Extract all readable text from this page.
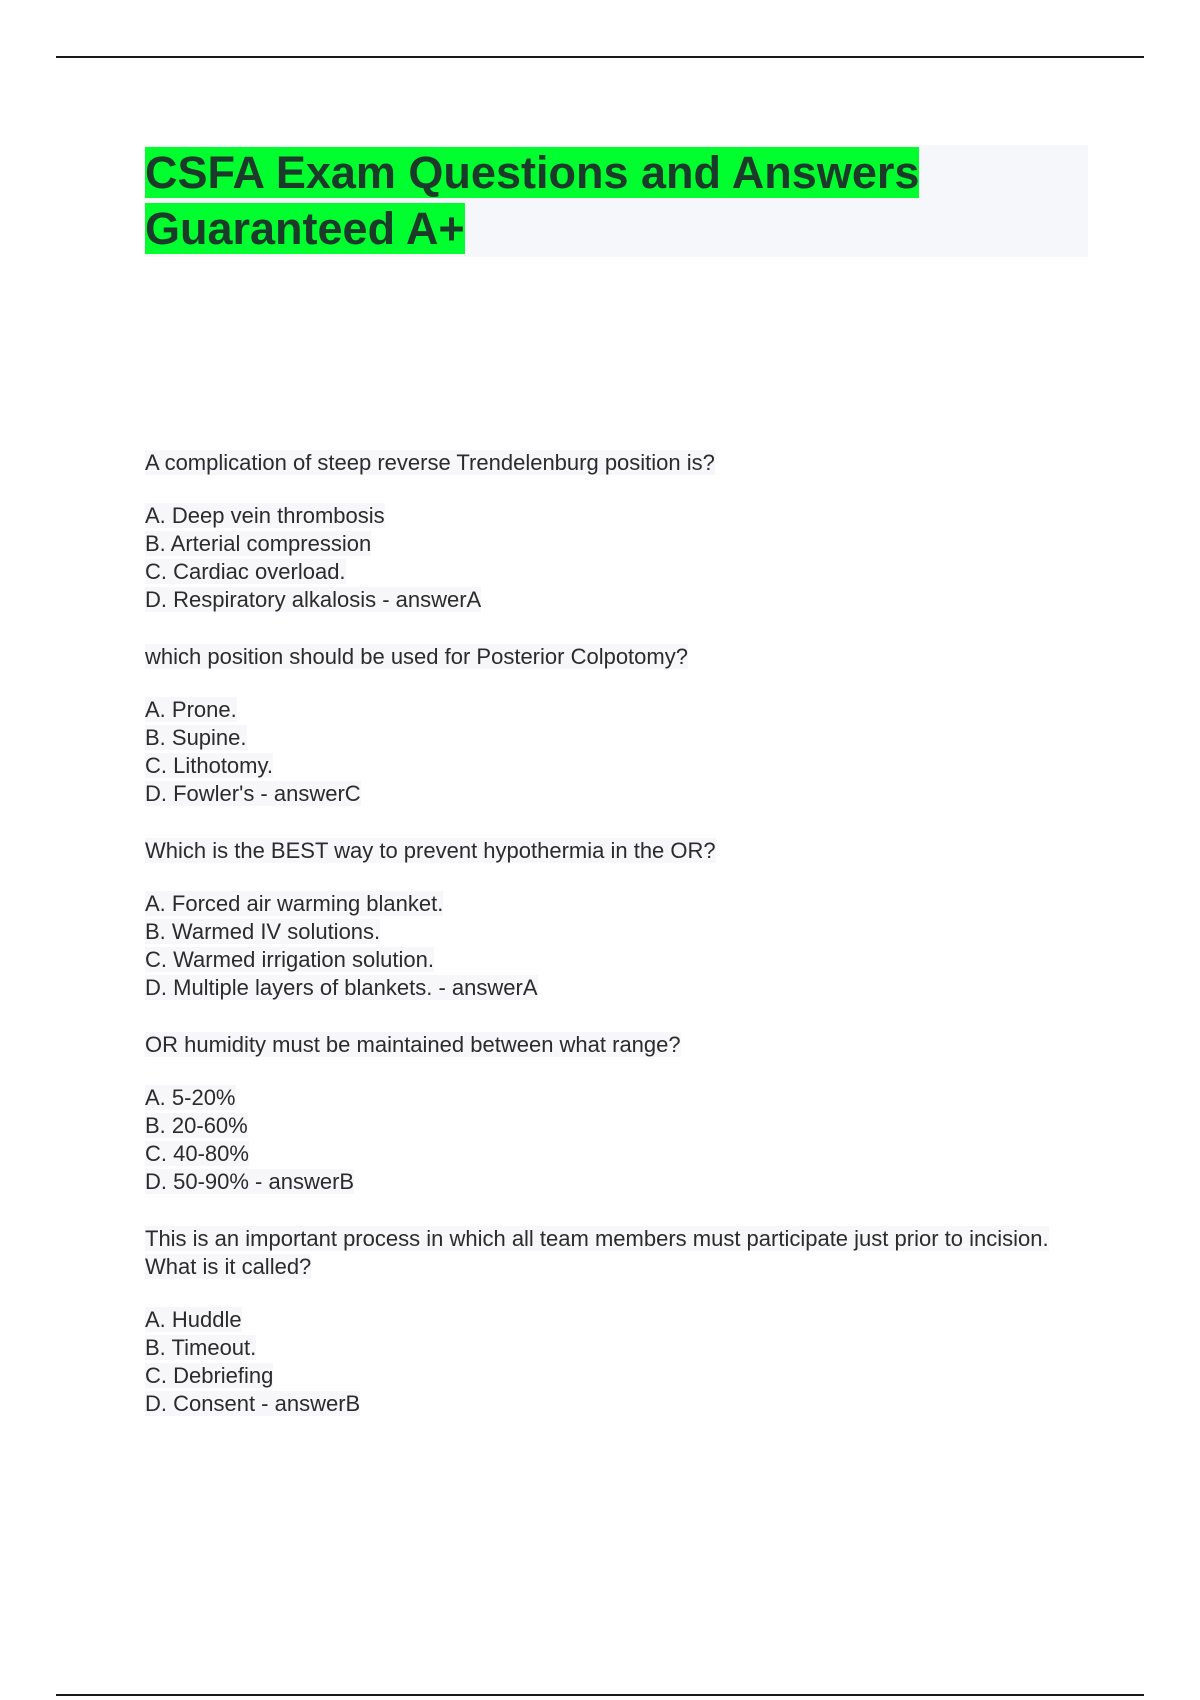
CSFA Exam Questions and Answers
Guaranteed A+

A complication of steep reverse Trendelenburg position is?

A. Deep vein thrombosis
B. Arterial compression
C. Cardiac overload.
D. Respiratory alkalosis - answerA

which position should be used for Posterior Colpotomy?

A. Prone.
B. Supine.
C. Lithotomy.
D. Fowler's - answerC

Which is the BEST way to prevent hypothermia in the OR?

A. Forced air warming blanket.
B. Warmed IV solutions.
C. Warmed irrigation solution.
D. Multiple layers of blankets. - answerA

OR humidity must be maintained between what range?

A. 5-20%
B. 20-60%
C. 40-80%
D. 50-90% - answerB

This is an important process in which all team members must participate just prior to incision. What is it called?

A. Huddle
B. Timeout.
C. Debriefing
D. Consent - answerB
